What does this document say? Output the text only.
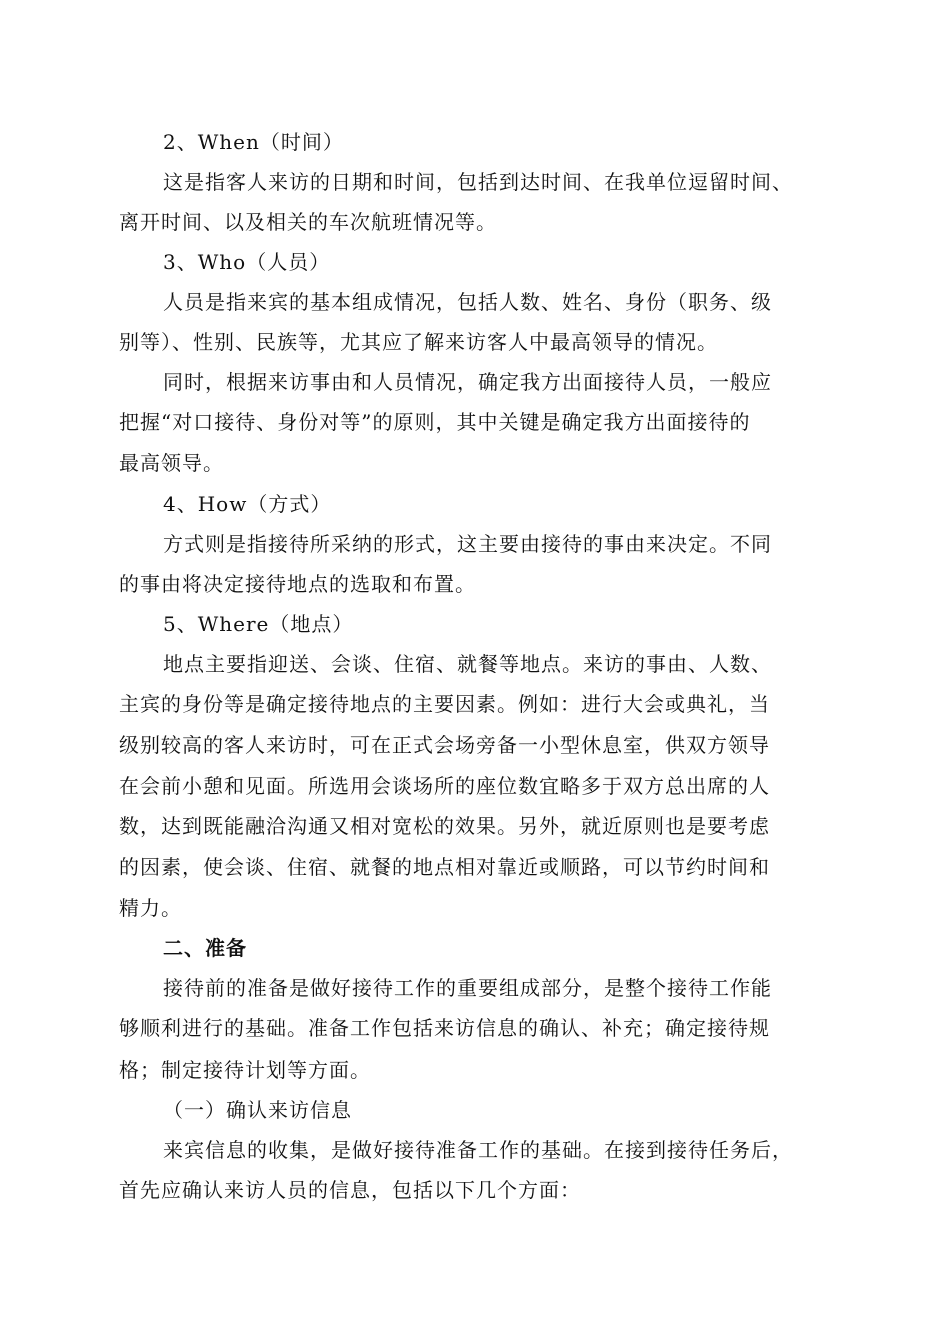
2、When（时间）
这是指客人来访的日期和时间，包括到达时间、在我单位逗留时间、
离开时间、以及相关的车次航班情况等。
3、Who（人员）
人员是指来宾的基本组成情况，包括人数、姓名、身份（职务、级
别等）、性别、民族等，尤其应了解来访客人中最高领导的情况。
同时，根据来访事由和人员情况，确定我方出面接待人员，一般应
把握“对口接待、身份对等”的原则，其中关键是确定我方出面接待的
最高领导。
4、How（方式）
方式则是指接待所采纳的形式，这主要由接待的事由来决定。不同
的事由将决定接待地点的选取和布置。
5、Where（地点）
地点主要指迎送、会谈、住宿、就餐等地点。来访的事由、人数、
主宾的身份等是确定接待地点的主要因素。例如：进行大会或典礼，当
级别较高的客人来访时，可在正式会场旁备一小型休息室，供双方领导
在会前小憩和见面。所选用会谈场所的座位数宜略多于双方总出席的人
数，达到既能融洽沟通又相对宽松的效果。另外，就近原则也是要考虑
的因素，使会谈、住宿、就餐的地点相对靠近或顺路，可以节约时间和
精力。
二、准备
接待前的准备是做好接待工作的重要组成部分，是整个接待工作能
够顺利进行的基础。准备工作包括来访信息的确认、补充；确定接待规
格；制定接待计划等方面。
（一）确认来访信息
来宾信息的收集，是做好接待准备工作的基础。在接到接待任务后，
首先应确认来访人员的信息，包括以下几个方面：
